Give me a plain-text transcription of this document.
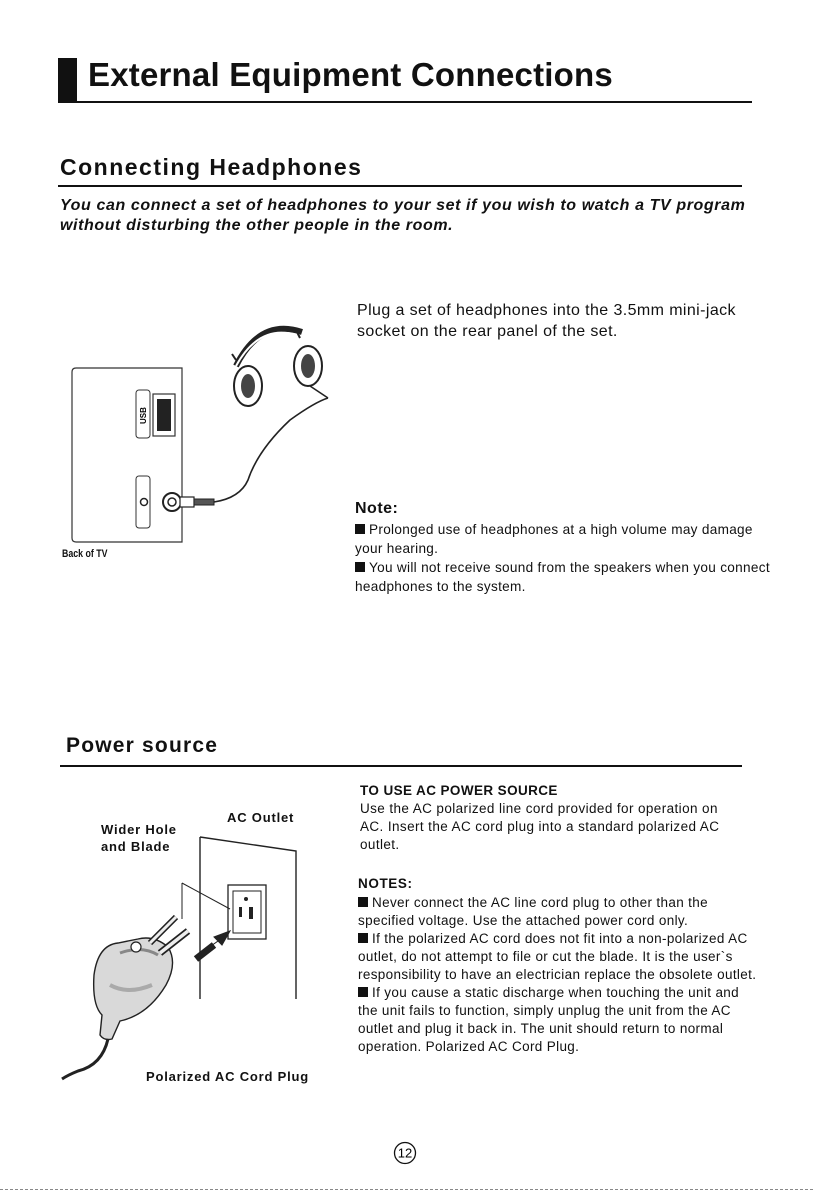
External Equipment Connections
Connecting Headphones
You can connect a set of headphones to your set if you wish to watch a TV program without disturbing the other people in the room.
USB
Back of TV
Plug a set of headphones into the 3.5mm mini-jack socket on the rear panel of the set.
Note:

Prolonged use of headphones at a high volume may damage your hearing.

You will not receive sound from the speakers when you connect headphones to the system.

Power source
AC Outlet
Wider Hole
and Blade
Polarized AC Cord Plug
TO USE AC POWER SOURCE
Use the AC polarized line cord provided for operation on AC. Insert the AC cord plug into a standard polarized AC outlet.
NOTES:

Never connect the AC line cord plug to other than the specified voltage. Use the attached power cord only.

If the polarized AC cord does not fit into a non-polarized AC outlet, do not attempt to file or cut the blade. It is the user`s responsibility to have an electrician replace the obsolete outlet.

If you cause a static discharge when touching the unit and the unit fails to function, simply unplug the unit from the AC outlet and plug it back in. The unit should return to normal operation. Polarized AC Cord Plug.

12
